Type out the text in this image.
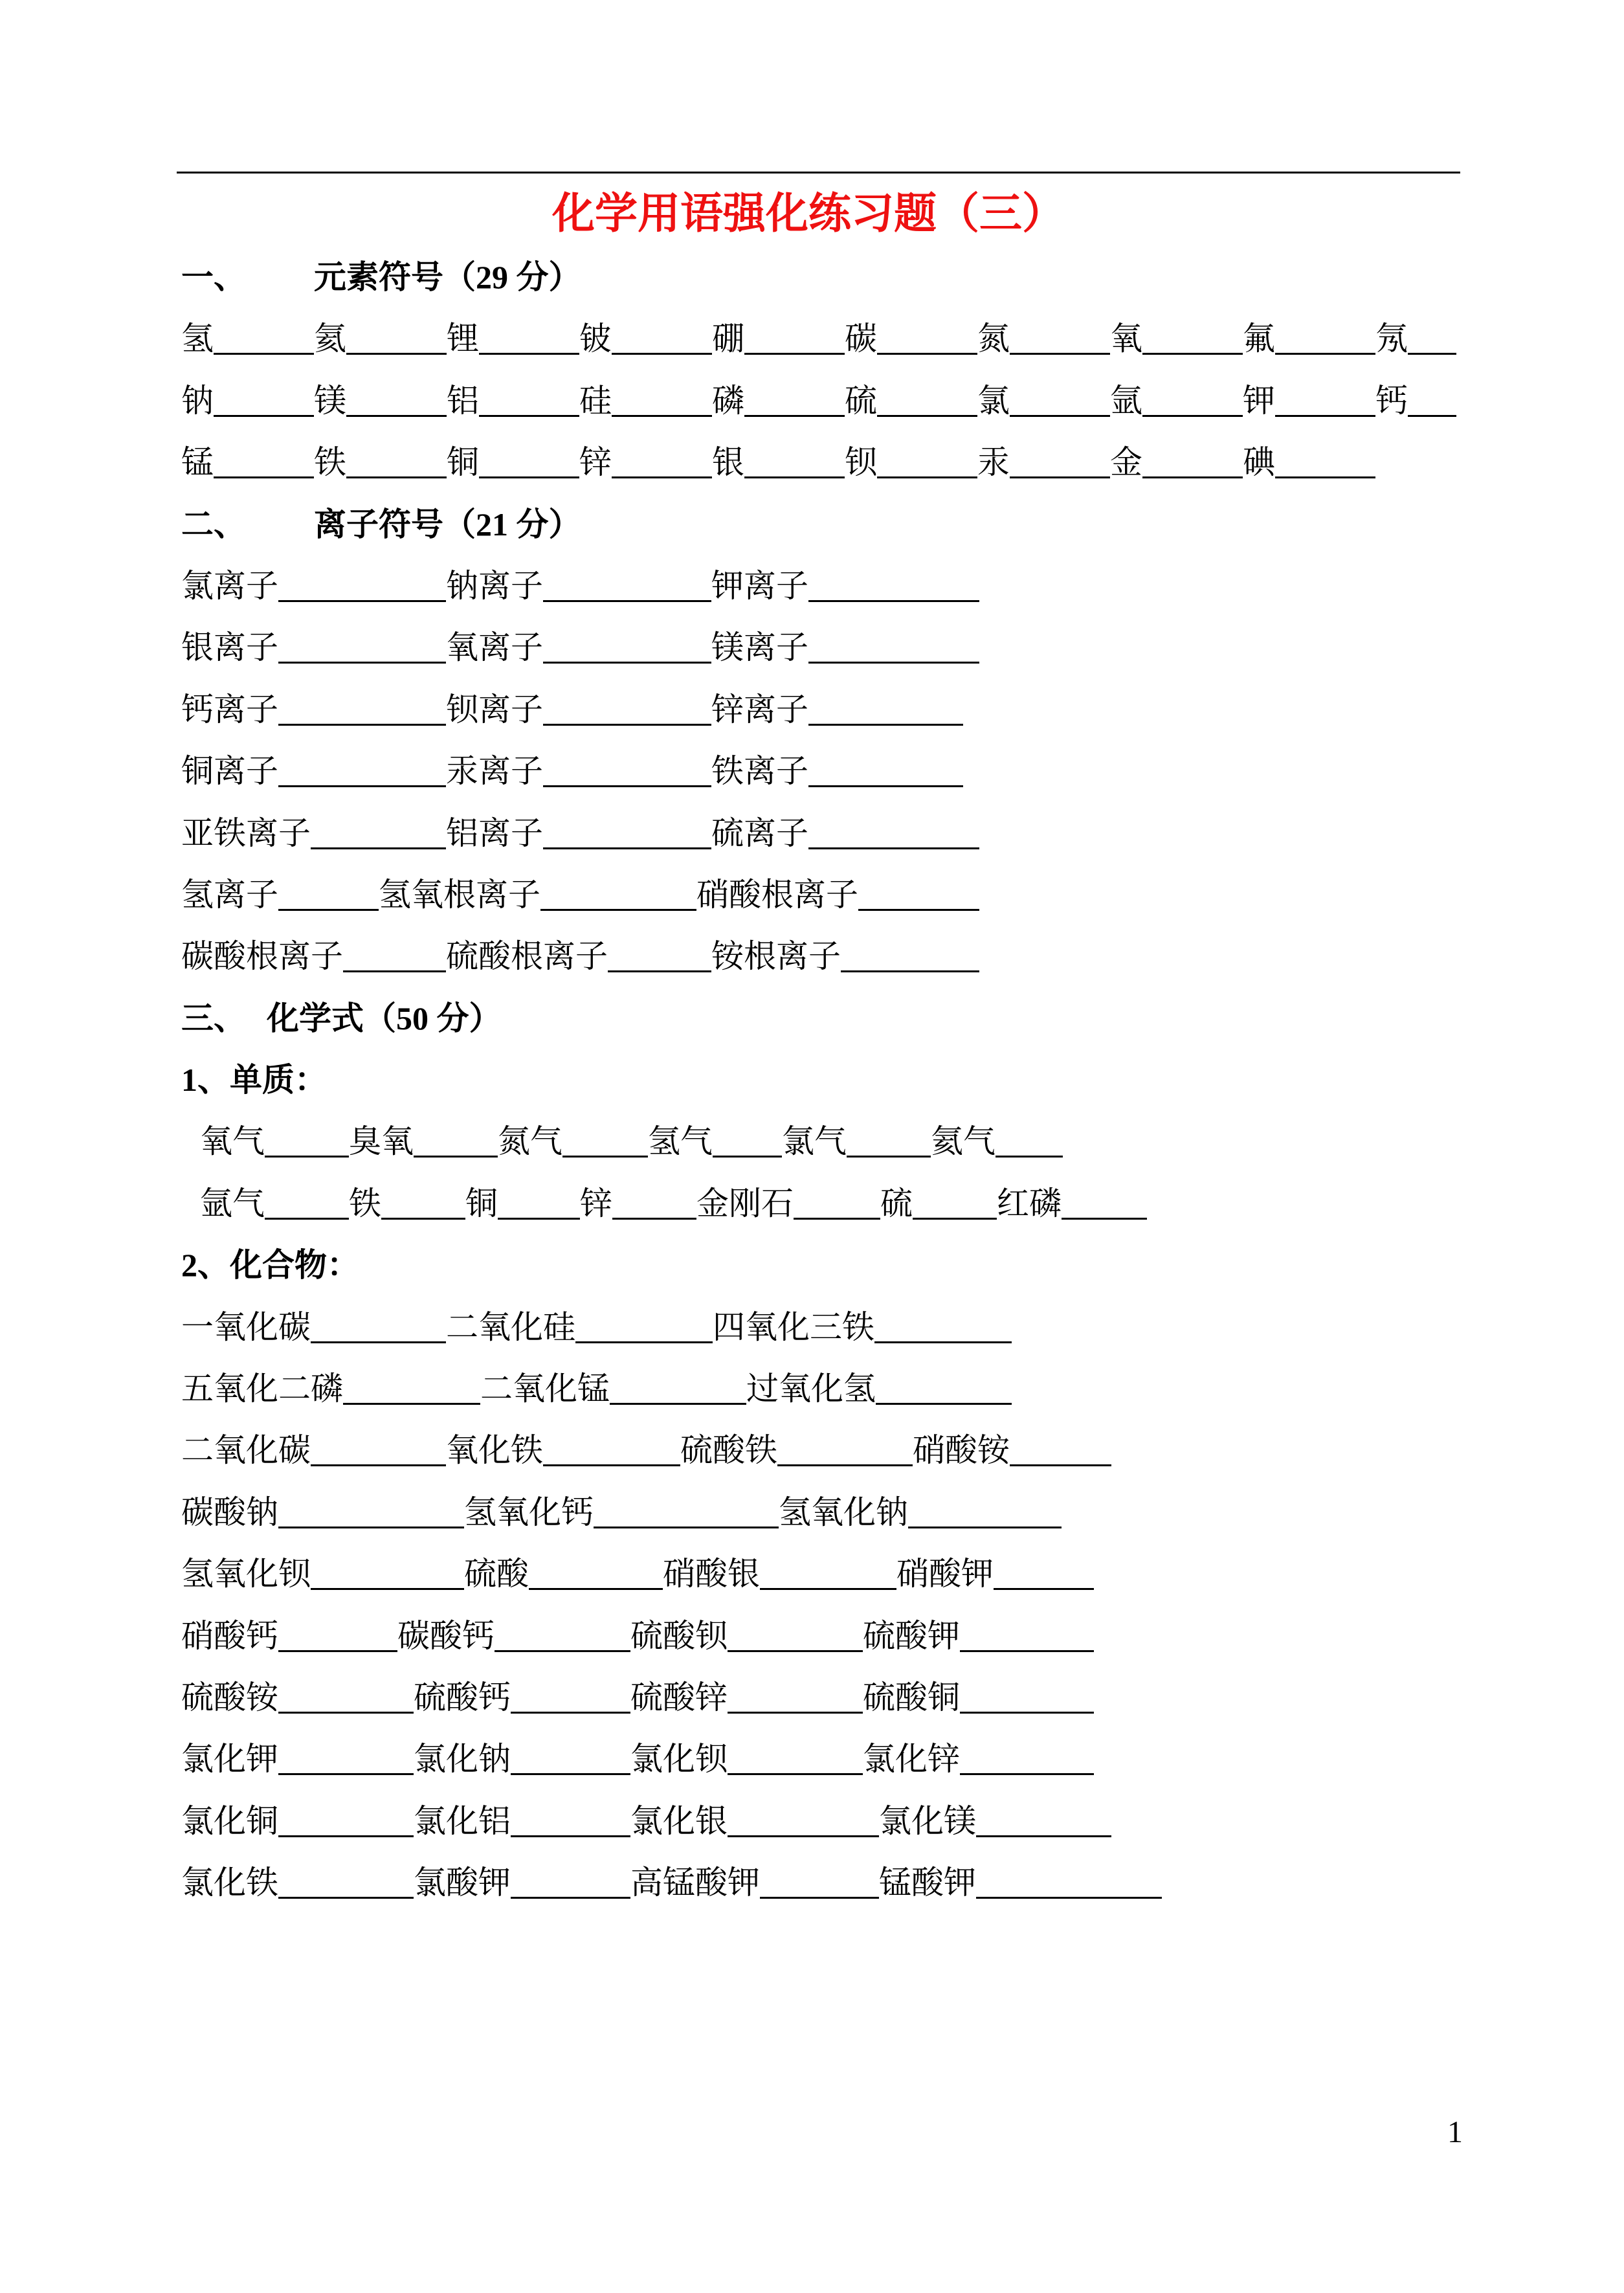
化学用语强化练习题（三）
一、 元素符号（29 分）
氢	氦	锂	铍	硼	碳	氮	氧	氟	氖
钠	镁	铝	硅	磷	硫	氯	氩	钾	钙
锰	铁	铜	锌	银	钡	汞	金	碘
二、 离子符号（21 分）
氯离子	钠离子	钾离子
银离子	氧离子	镁离子
钙离子	钡离子	锌离子
铜离子	汞离子	铁离子
亚铁离子	铝离子	硫离子
氢离子	氢氧根离子	硝酸根离子
碳酸根离子	硫酸根离子	铵根离子
三、 化学式（50 分）
1、单质：
氧气	臭氧	氮气	氢气 氯气	氦气
氩气	铁	铜	锌	金刚石	硫	红磷
2、化合物：
一氧化碳	二氧化硅	四氧化三铁
五氧化二磷	二氧化锰	过氧化氢
二氧化碳	氧化铁	硫酸铁	硝酸铵
碳酸钠	氢氧化钙	氢氧化钠
氢氧化钡	硫酸	硝酸银	硝酸钾
硝酸钙	碳酸钙	硫酸钡	硫酸钾
硫酸铵	硫酸钙	硫酸锌	硫酸铜
氯化钾	氯化钠	氯化钡	氯化锌
氯化铜	氯化铝	氯化银	氯化镁
氯化铁	氯酸钾	高锰酸钾	锰酸钾
1
